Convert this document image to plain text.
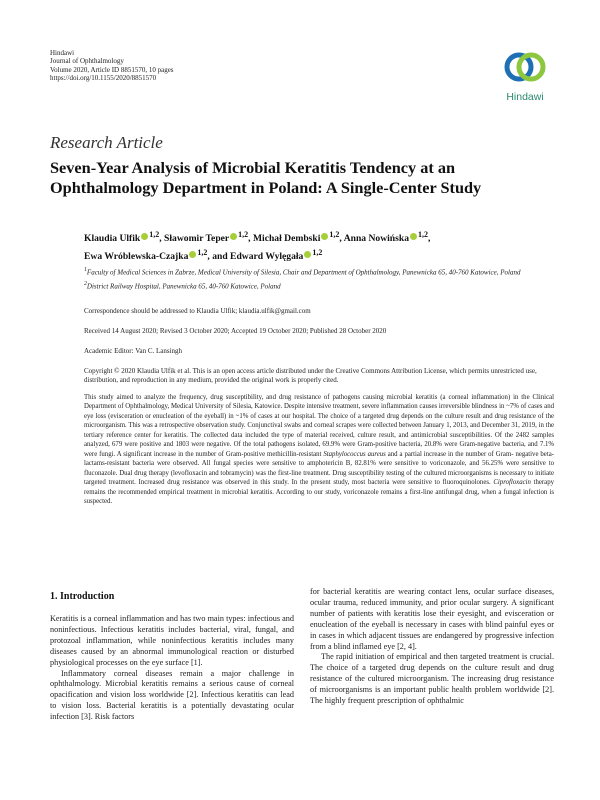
Hindawi
Journal of Ophthalmology
Volume 2020, Article ID 8851570, 10 pages
https://doi.org/10.1155/2020/8851570
Hindawi
Research Article
Seven-Year Analysis of Microbial Keratitis Tendency at an Ophthalmology Department in Poland: A Single-Center Study
Klaudia Ulfik $^{1,2}$, Sławomir Teper $^{1,2}$, Michał Dembski $^{1,2}$, Anna Nowińska $^{1,2}$,
Ewa Wróblewska-Czajka $^{1,2}$, and Edward Wylęgała $^{1,2}$

$^1$Faculty of Medical Sciences in Zabrze, Medical University of Silesia, Chair and Department of Ophthalmology, Panewnicka 65, 40-760 Katowice, Poland

$^2$District Railway Hospital, Panewnicka 65, 40-760 Katowice, Poland

Correspondence should be addressed to Klaudia Ulfik; klaudia.ulfik@gmail.com
Received 14 August 2020; Revised 3 October 2020; Accepted 19 October 2020; Published 28 October 2020
Academic Editor: Van C. Lansingh
Copyright © 2020 Klaudia Ulfik et al. This is an open access article distributed under the Creative Commons Attribution License, which permits unrestricted use, distribution, and reproduction in any medium, provided the original work is properly cited.
This study aimed to analyze the frequency, drug susceptibility, and drug resistance of pathogens causing microbial keratitis (a corneal inflammation) in the Clinical Department of Ophthalmology, Medical University of Silesia, Katowice. Despite intensive treatment, severe inflammation causes irreversible blindness in ~7% of cases and eye loss (evisceration or enucleation of the eyeball) in ~1% of cases at our hospital. The choice of a targeted drug depends on the culture result and drug resistance of the microorganism. This was a retrospective observation study. Conjunctival swabs and corneal scrapes were collected between January 1, 2013, and December 31, 2019, in the tertiary reference center for keratitis. The collected data included the type of material received, culture result, and antimicrobial susceptibilities. Of the 2482 samples analyzed, 679 were positive and 1803 were negative. Of the total pathogens isolated, 69.9% were Gram-positive bacteria, 20.8% were Gram-negative bacteria, and 7.1% were fungi. A significant increase in the number of Gram-positive methicillin-resistant Staphylococcus aureus and a partial increase in the number of Gram- negative beta-lactams-resistant bacteria were observed. All fungal species were sensitive to amphotericin B, 82.81% were sensitive to voriconazole, and 56.25% were sensitive to fluconazole. Dual drug therapy (levofloxacin and tobramycin) was the first-line treatment. Drug susceptibility testing of the cultured microorganisms is necessary to initiate targeted treatment. Increased drug resistance was observed in this study. In the present study, most bacteria were sensitive to fluoroquinolones. Ciprofloxacin therapy remains the recommended empirical treatment in microbial keratitis. According to our study, voriconazole remains a first-line antifungal drug, when a fungal infection is suspected.
1. Introduction

Keratitis is a corneal inflammation and has two main types: infectious and noninfectious. Infectious keratitis includes bacterial, viral, fungal, and protozoal inflammation, while noninfectious keratitis includes many diseases caused by an abnormal immunological reaction or disturbed physiological processes on the eye surface [1].

Inflammatory corneal diseases remain a major challenge in ophthalmology. Microbial keratitis remains a serious cause of corneal opacification and vision loss worldwide [2]. Infectious keratitis can lead to vision loss. Bacterial keratitis is a potentially devastating ocular infection [3]. Risk factors

for bacterial keratitis are wearing contact lens, ocular surface diseases, ocular trauma, reduced immunity, and prior ocular surgery. A significant number of patients with keratitis lose their eyesight, and evisceration or enucleation of the eyeball is necessary in cases with blind painful eyes or in cases in which adjacent tissues are endangered by progressive infection from a blind inflamed eye [2, 4].

The rapid initiation of empirical and then targeted treatment is crucial. The choice of a targeted drug depends on the culture result and drug resistance of the cultured microorganism. The increasing drug resistance of microorganisms is an important public health problem worldwide [2]. The highly frequent prescription of ophthalmic
